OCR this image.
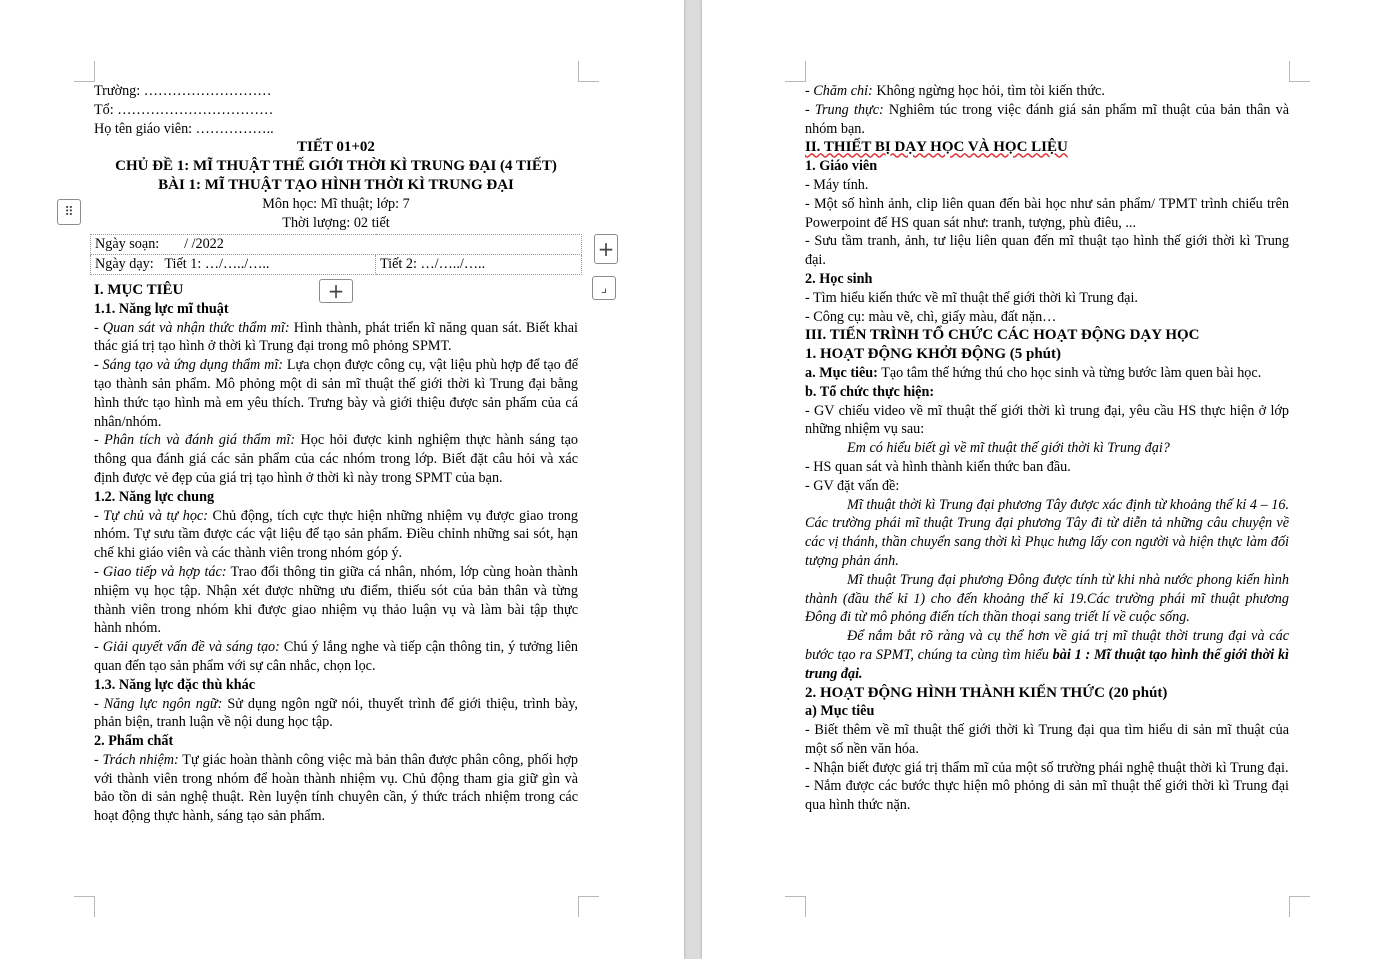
⠿
+
+	⌟

Trường: ………………………

Tổ: ……………………………

Họ tên giáo viên: ……………..

TIẾT 01+02

CHỦ ĐỀ 1: MĨ THUẬT THẾ GIỚI THỜI KÌ TRUNG ĐẠI (4 TIẾT)

BÀI 1: MĨ THUẬT TẠO HÌNH THỜI KÌ TRUNG ĐẠI

Môn học: Mĩ thuật; lớp: 7

Thời lượng: 02 tiết

Ngày soạn: / /2022
Ngày dạy: Tiết 1: …/…../…..	Tiết 2: …/…../…..

I. MỤC TIÊU

1.1. Năng lực mĩ thuật

- Quan sát và nhận thức thẩm mĩ: Hình thành, phát triển kĩ năng quan sát. Biết khai thác giá trị tạo hình ở thời kì Trung đại trong mô phỏng SPMT.

- Sáng tạo và ứng dụng thẩm mĩ: Lựa chọn được công cụ, vật liệu phù hợp để tạo để tạo thành sản phẩm. Mô phỏng một di sản mĩ thuật thế giới thời kì Trung đại bằng hình thức tạo hình mà em yêu thích. Trưng bày và giới thiệu được sản phẩm của cá nhân/nhóm.

- Phân tích và đánh giá thẩm mĩ: Học hỏi được kinh nghiệm thực hành sáng tạo thông qua đánh giá các sản phẩm của các nhóm trong lớp. Biết đặt câu hỏi và xác định được vẻ đẹp của giá trị tạo hình ở thời kì này trong SPMT của bạn.

1.2. Năng lực chung

- Tự chủ và tự học: Chủ động, tích cực thực hiện những nhiệm vụ được giao trong nhóm. Tự sưu tầm được các vật liệu để tạo sản phẩm. Điều chỉnh những sai sót, hạn chế khi giáo viên và các thành viên trong nhóm góp ý.

- Giao tiếp và hợp tác: Trao đổi thông tin giữa cá nhân, nhóm, lớp cùng hoàn thành nhiệm vụ học tập. Nhận xét được những ưu điểm, thiếu sót của bản thân và từng thành viên trong nhóm khi được giao nhiệm vụ thảo luận vụ và làm bài tập thực hành nhóm.

- Giải quyết vấn đề và sáng tạo: Chú ý lắng nghe và tiếp cận thông tin, ý tưởng liên quan đến tạo sản phẩm với sự cân nhắc, chọn lọc.

1.3. Năng lực đặc thù khác

- Năng lực ngôn ngữ: Sử dụng ngôn ngữ nói, thuyết trình để giới thiệu, trình bày, phản biện, tranh luận về nội dung học tập.

2. Phẩm chất

- Trách nhiệm: Tự giác hoàn thành công việc mà bản thân được phân công, phối hợp với thành viên trong nhóm để hoàn thành nhiệm vụ. Chủ động tham gia giữ gìn và bảo tồn di sản nghệ thuật. Rèn luyện tính chuyên cần, ý thức trách nhiệm trong các hoạt động thực hành, sáng tạo sản phẩm.

- Chăm chỉ: Không ngừng học hỏi, tìm tòi kiến thức.

- Trung thực: Nghiêm túc trong việc đánh giá sản phẩm mĩ thuật của bản thân và nhóm bạn.

II. THIẾT BỊ DẠY HỌC VÀ HỌC LIỆU

1. Giáo viên

- Máy tính.

- Một số hình ảnh, clip liên quan đến bài học như sản phẩm/ TPMT trình chiếu trên Powerpoint để HS quan sát như: tranh, tượng, phù điêu, ...

- Sưu tầm tranh, ảnh, tư liệu liên quan đến mĩ thuật tạo hình thế giới thời kì Trung đại.

2. Học sinh

- Tìm hiểu kiến thức về mĩ thuật thế giới thời kì Trung đại.

- Công cụ: màu vẽ, chì, giấy màu, đất nặn…

III. TIẾN TRÌNH TỔ CHỨC CÁC HOẠT ĐỘNG DẠY HỌC

1. HOẠT ĐỘNG KHỞI ĐỘNG (5 phút)

a. Mục tiêu: Tạo tâm thế hứng thú cho học sinh và từng bước làm quen bài học.

b. Tổ chức thực hiện:

- GV chiếu video về mĩ thuật thế giới thời kì trung đại, yêu cầu HS thực hiện ở lớp những nhiệm vụ sau:

Em có hiểu biết gì về mĩ thuật thế giới thời kì Trung đại?

- HS quan sát và hình thành kiến thức ban đầu.

- GV đặt vấn đề:

Mĩ thuật thời kì Trung đại phương Tây được xác định từ khoảng thế kỉ 4 – 16. Các trường phái mĩ thuật Trung đại phương Tây đi từ diễn tả những câu chuyện về các vị thánh, thần chuyển sang thời kì Phục hưng lấy con người và hiện thực làm đối tượng phản ánh.

Mĩ thuật Trung đại phương Đông được tính từ khi nhà nước phong kiến hình thành (đầu thế kỉ 1) cho đến khoảng thế kỉ 19.Các trường phái mĩ thuật phương Đông đi từ mô phỏng điển tích thần thoại sang triết lí về cuộc sống.

Để nắm bắt rõ ràng và cụ thể hơn về giá trị mĩ thuật thời trung đại và các bước tạo ra SPMT, chúng ta cùng tìm hiểu bài 1 : Mĩ thuật tạo hình thế giới thời kì trung đại.

2. HOẠT ĐỘNG HÌNH THÀNH KIẾN THỨC (20 phút)

a) Mục tiêu

- Biết thêm về mĩ thuật thế giới thời kì Trung đại qua tìm hiểu di sản mĩ thuật của một số nền văn hóa.

- Nhận biết được giá trị thẩm mĩ của một số trường phái nghệ thuật thời kì Trung đại.

- Nắm được các bước thực hiện mô phỏng di sản mĩ thuật thế giới thời kì Trung đại qua hình thức nặn.
